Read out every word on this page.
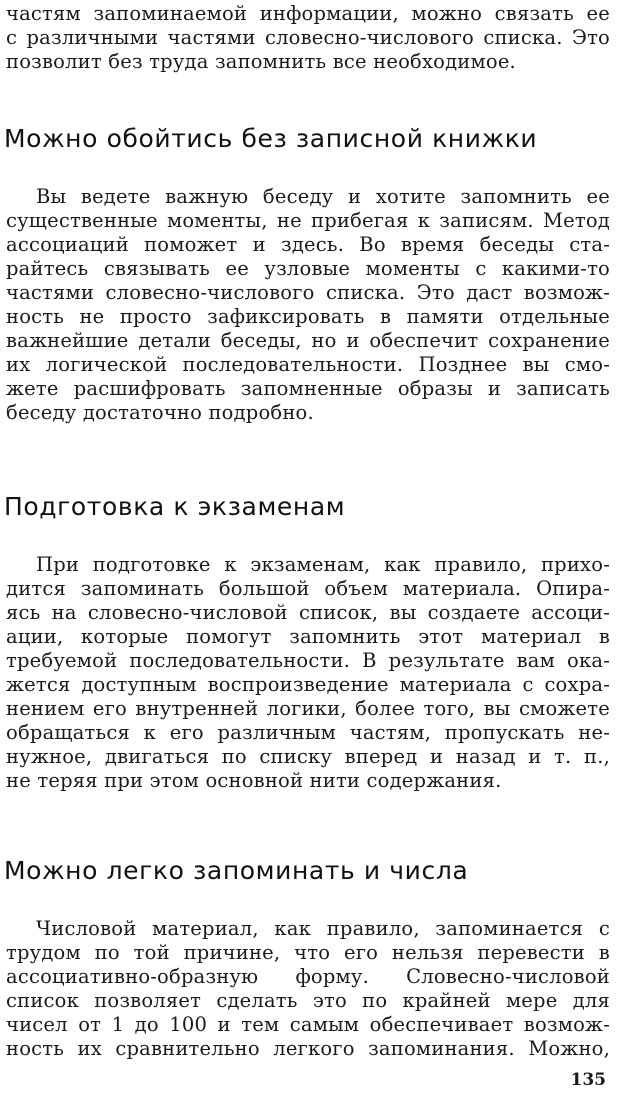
частям запоминаемой информации, можно связать ее
с различными частями словесно-числового списка. Это
позволит без труда запомнить все необходимое.
Можно обойтись без записной книжки
Вы ведете важную беседу и хотите запомнить ее
существенные моменты, не прибегая к записям. Метод
ассоциаций поможет и здесь. Во время беседы ста-
райтесь связывать ее узловые моменты с какими-то
частями словесно-числового списка. Это даст возмож-
ность не просто зафиксировать в памяти отдельные
важнейшие детали беседы, но и обеспечит сохранение
их логической последовательности. Позднее вы смо-
жете расшифровать запомненные образы и записать
беседу достаточно подробно.
Подготовка к экзаменам
При подготовке к экзаменам, как правило, прихо-
дится запоминать большой объем материала. Опира-
ясь на словесно-числовой список, вы создаете ассоци-
ации, которые помогут запомнить этот материал в
требуемой последовательности. В результате вам ока-
жется доступным воспроизведение материала с сохра-
нением его внутренней логики, более того, вы сможете
обращаться к его различным частям, пропускать не-
нужное, двигаться по списку вперед и назад и т. п.,
не теряя при этом основной нити содержания.
Можно легко запоминать и числа
Числовой материал, как правило, запоминается с
трудом по той причине, что его нельзя перевести в
ассоциативно-образную форму. Словесно-числовой
список позволяет сделать это по крайней мере для
чисел от 1 до 100 и тем самым обеспечивает возмож-
ность их сравнительно легкого запоминания. Можно,
135
